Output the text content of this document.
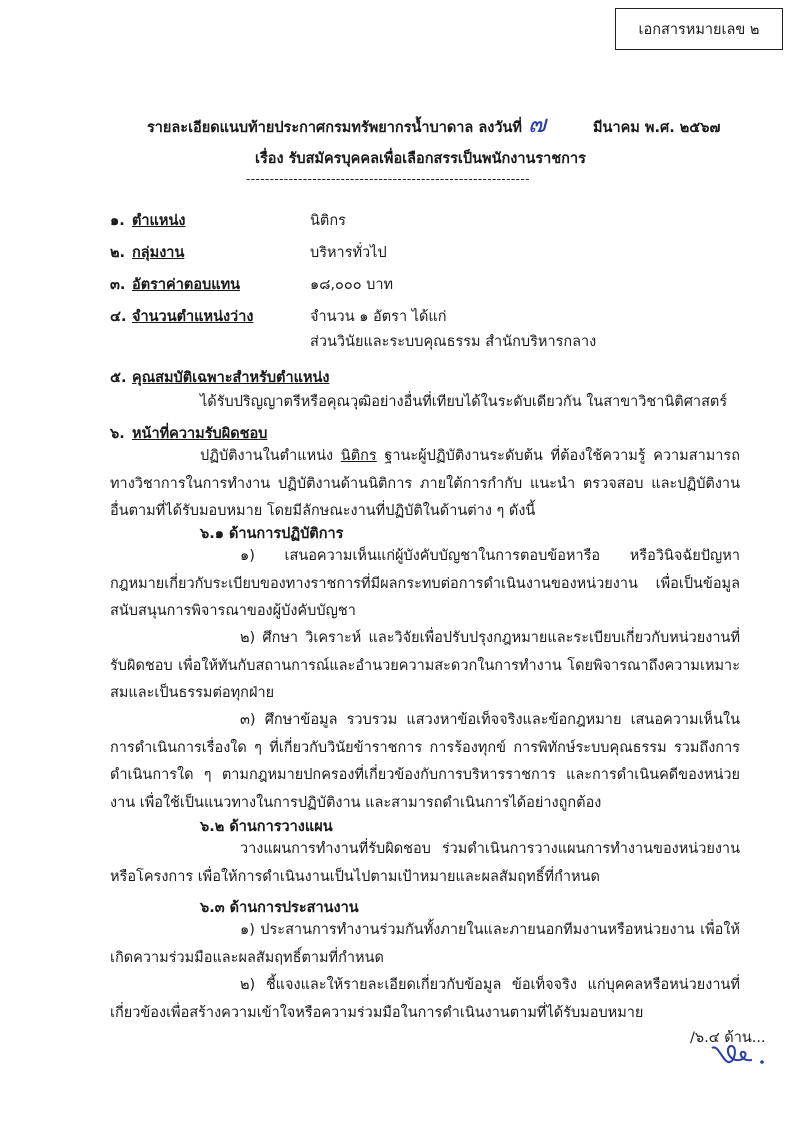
เอกสารหมายเลข ๒
รายละเอียดแนบท้ายประกาศกรมทรัพยากรน้ำบาดาล ลงวันที่ ๗	มีนาคม พ.ศ. ๒๕๖๗
เรื่อง รับสมัครบุคคลเพื่อเลือกสรรเป็นพนักงานราชการ
------------------------------------------------------------
๑. ตำแหน่ง	นิติกร
๒. กลุ่มงาน	บริหารทั่วไป
๓. อัตราค่าตอบแทน	๑๘,๐๐๐ บาท
๔. จำนวนตำแหน่งว่าง	จำนวน ๑ อัตรา ได้แก่
ส่วนวินัยและระบบคุณธรรม สำนักบริหารกลาง
๕. คุณสมบัติเฉพาะสำหรับตำแหน่ง
ได้รับปริญญาตรีหรือคุณวุฒิอย่างอื่นที่เทียบได้ในระดับเดียวกัน ในสาขาวิชานิติศาสตร์
๖. หน้าที่ความรับผิดชอบ
ปฏิบัติงานในตำแหน่ง นิติกร ฐานะผู้ปฏิบัติงานระดับต้น ที่ต้องใช้ความรู้ ความสามารถทางวิชาการในการทำงาน ปฏิบัติงานด้านนิติการ ภายใต้การกำกับ แนะนำ ตรวจสอบ และปฏิบัติงานอื่นตามที่ได้รับมอบหมาย โดยมีลักษณะงานที่ปฏิบัติในด้านต่าง ๆ ดังนี้
๖.๑ ด้านการปฏิบัติการ
๑) เสนอความเห็นแก่ผู้บังคับบัญชาในการตอบข้อหารือ หรือวินิจฉัยปัญหากฎหมายเกี่ยวกับระเบียบของทางราชการที่มีผลกระทบต่อการดำเนินงานของหน่วยงาน เพื่อเป็นข้อมูลสนับสนุนการพิจารณาของผู้บังคับบัญชา
๒) ศึกษา วิเคราะห์ และวิจัยเพื่อปรับปรุงกฎหมายและระเบียบเกี่ยวกับหน่วยงานที่รับผิดชอบ เพื่อให้ทันกับสถานการณ์และอำนวยความสะดวกในการทำงาน โดยพิจารณาถึงความเหมาะสมและเป็นธรรมต่อทุกฝ่าย
๓) ศึกษาข้อมูล รวบรวม แสวงหาข้อเท็จจริงและข้อกฎหมาย เสนอความเห็นในการดำเนินการเรื่องใด ๆ ที่เกี่ยวกับวินัยข้าราชการ การร้องทุกข์ การพิทักษ์ระบบคุณธรรม รวมถึงการดำเนินการใด ๆ ตามกฎหมายปกครองที่เกี่ยวข้องกับการบริหารราชการ และการดำเนินคดีของหน่วยงาน เพื่อใช้เป็นแนวทางในการปฏิบัติงาน และสามารถดำเนินการได้อย่างถูกต้อง
๖.๒ ด้านการวางแผน
วางแผนการทำงานที่รับผิดชอบ ร่วมดำเนินการวางแผนการทำงานของหน่วยงานหรือโครงการ เพื่อให้การดำเนินงานเป็นไปตามเป้าหมายและผลสัมฤทธิ์ที่กำหนด
๖.๓ ด้านการประสานงาน
๑) ประสานการทำงานร่วมกันทั้งภายในและภายนอกทีมงานหรือหน่วยงาน เพื่อให้เกิดความร่วมมือและผลสัมฤทธิ์ตามที่กำหนด
๒) ชี้แจงและให้รายละเอียดเกี่ยวกับข้อมูล ข้อเท็จจริง แก่บุคคลหรือหน่วยงานที่เกี่ยวข้องเพื่อสร้างความเข้าใจหรือความร่วมมือในการดำเนินงานตามที่ได้รับมอบหมาย
/๖.๔ ด้าน...
